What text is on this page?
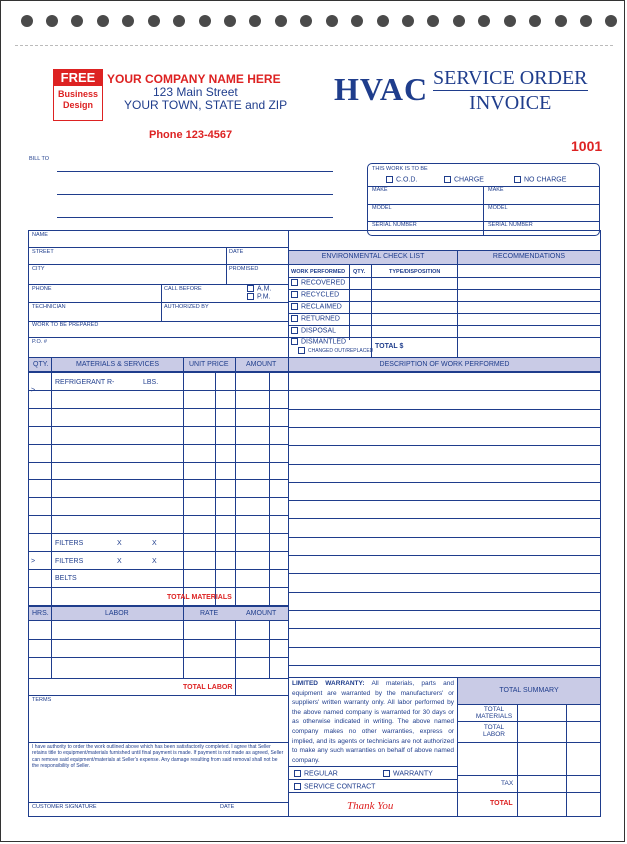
FREE
Business Design
YOUR COMPANY NAME HERE
123 Main Street
YOUR TOWN, STATE and ZIP
Phone 123-4567
HVAC SERVICE ORDER
INVOICE
1001
BILL TO
THIS WORK IS TO BE
C.O.D.	CHARGE	NO CHARGE
MAKE	MAKE
MODEL	MODEL
SERIAL NUMBER	SERIAL NUMBER
NAME
STREET	DATE
CITY	PROMISED
PHONE	CALL BEFORE	A.M.
P.M.
TECHNICIAN	AUTHORIZED BY
WORK TO BE PREPARED
P.O. #
ENVIRONMENTAL CHECK LIST	RECOMMENDATIONS
WORK PERFORMED QTY.	TYPE/DISPOSITION
RECOVERED
RECYCLED
RECLAIMED
RETURNED
DISPOSAL
DISMANTLED
CHANGED OUT/REPLACED
TOTAL $
QTY.	MATERIALS & SERVICES	UNIT PRICE AMOUNT	DESCRIPTION OF WORK PERFORMED
REFRIGERANT R-	LBS.
>
FILTERS	X	X
>	FILTERS	X	X
BELTS
TOTAL MATERIALS
HRS.	LABOR	RATE	AMOUNT
TOTAL LABOR
TERMS
I have authority to order the work outlined above which has been satisfactorily completed. I agree that Seller retains title to equipment/materials furnished until final payment is made. If payment is not made as agreed, Seller can remove said equipment/materials at Seller's expense. Any damage resulting from said removal shall not be the responsibility of Seller.
CUSTOMER SIGNATURE	DATE
LIMITED WARRANTY: All materials, parts and equipment are warranted by the manufacturers' or suppliers' written warranty only. All labor performed by the above named company is warranted for 30 days or as otherwise indicated in writing. The above named company makes no other warranties, express or implied, and its agents or technicians are not authorized to make any such warranties on behalf of above named company.
REGULAR	WARRANTY
SERVICE CONTRACT
Thank You
TOTAL SUMMARY
TOTAL MATERIALS
TOTAL LABOR
TAX
TOTAL
